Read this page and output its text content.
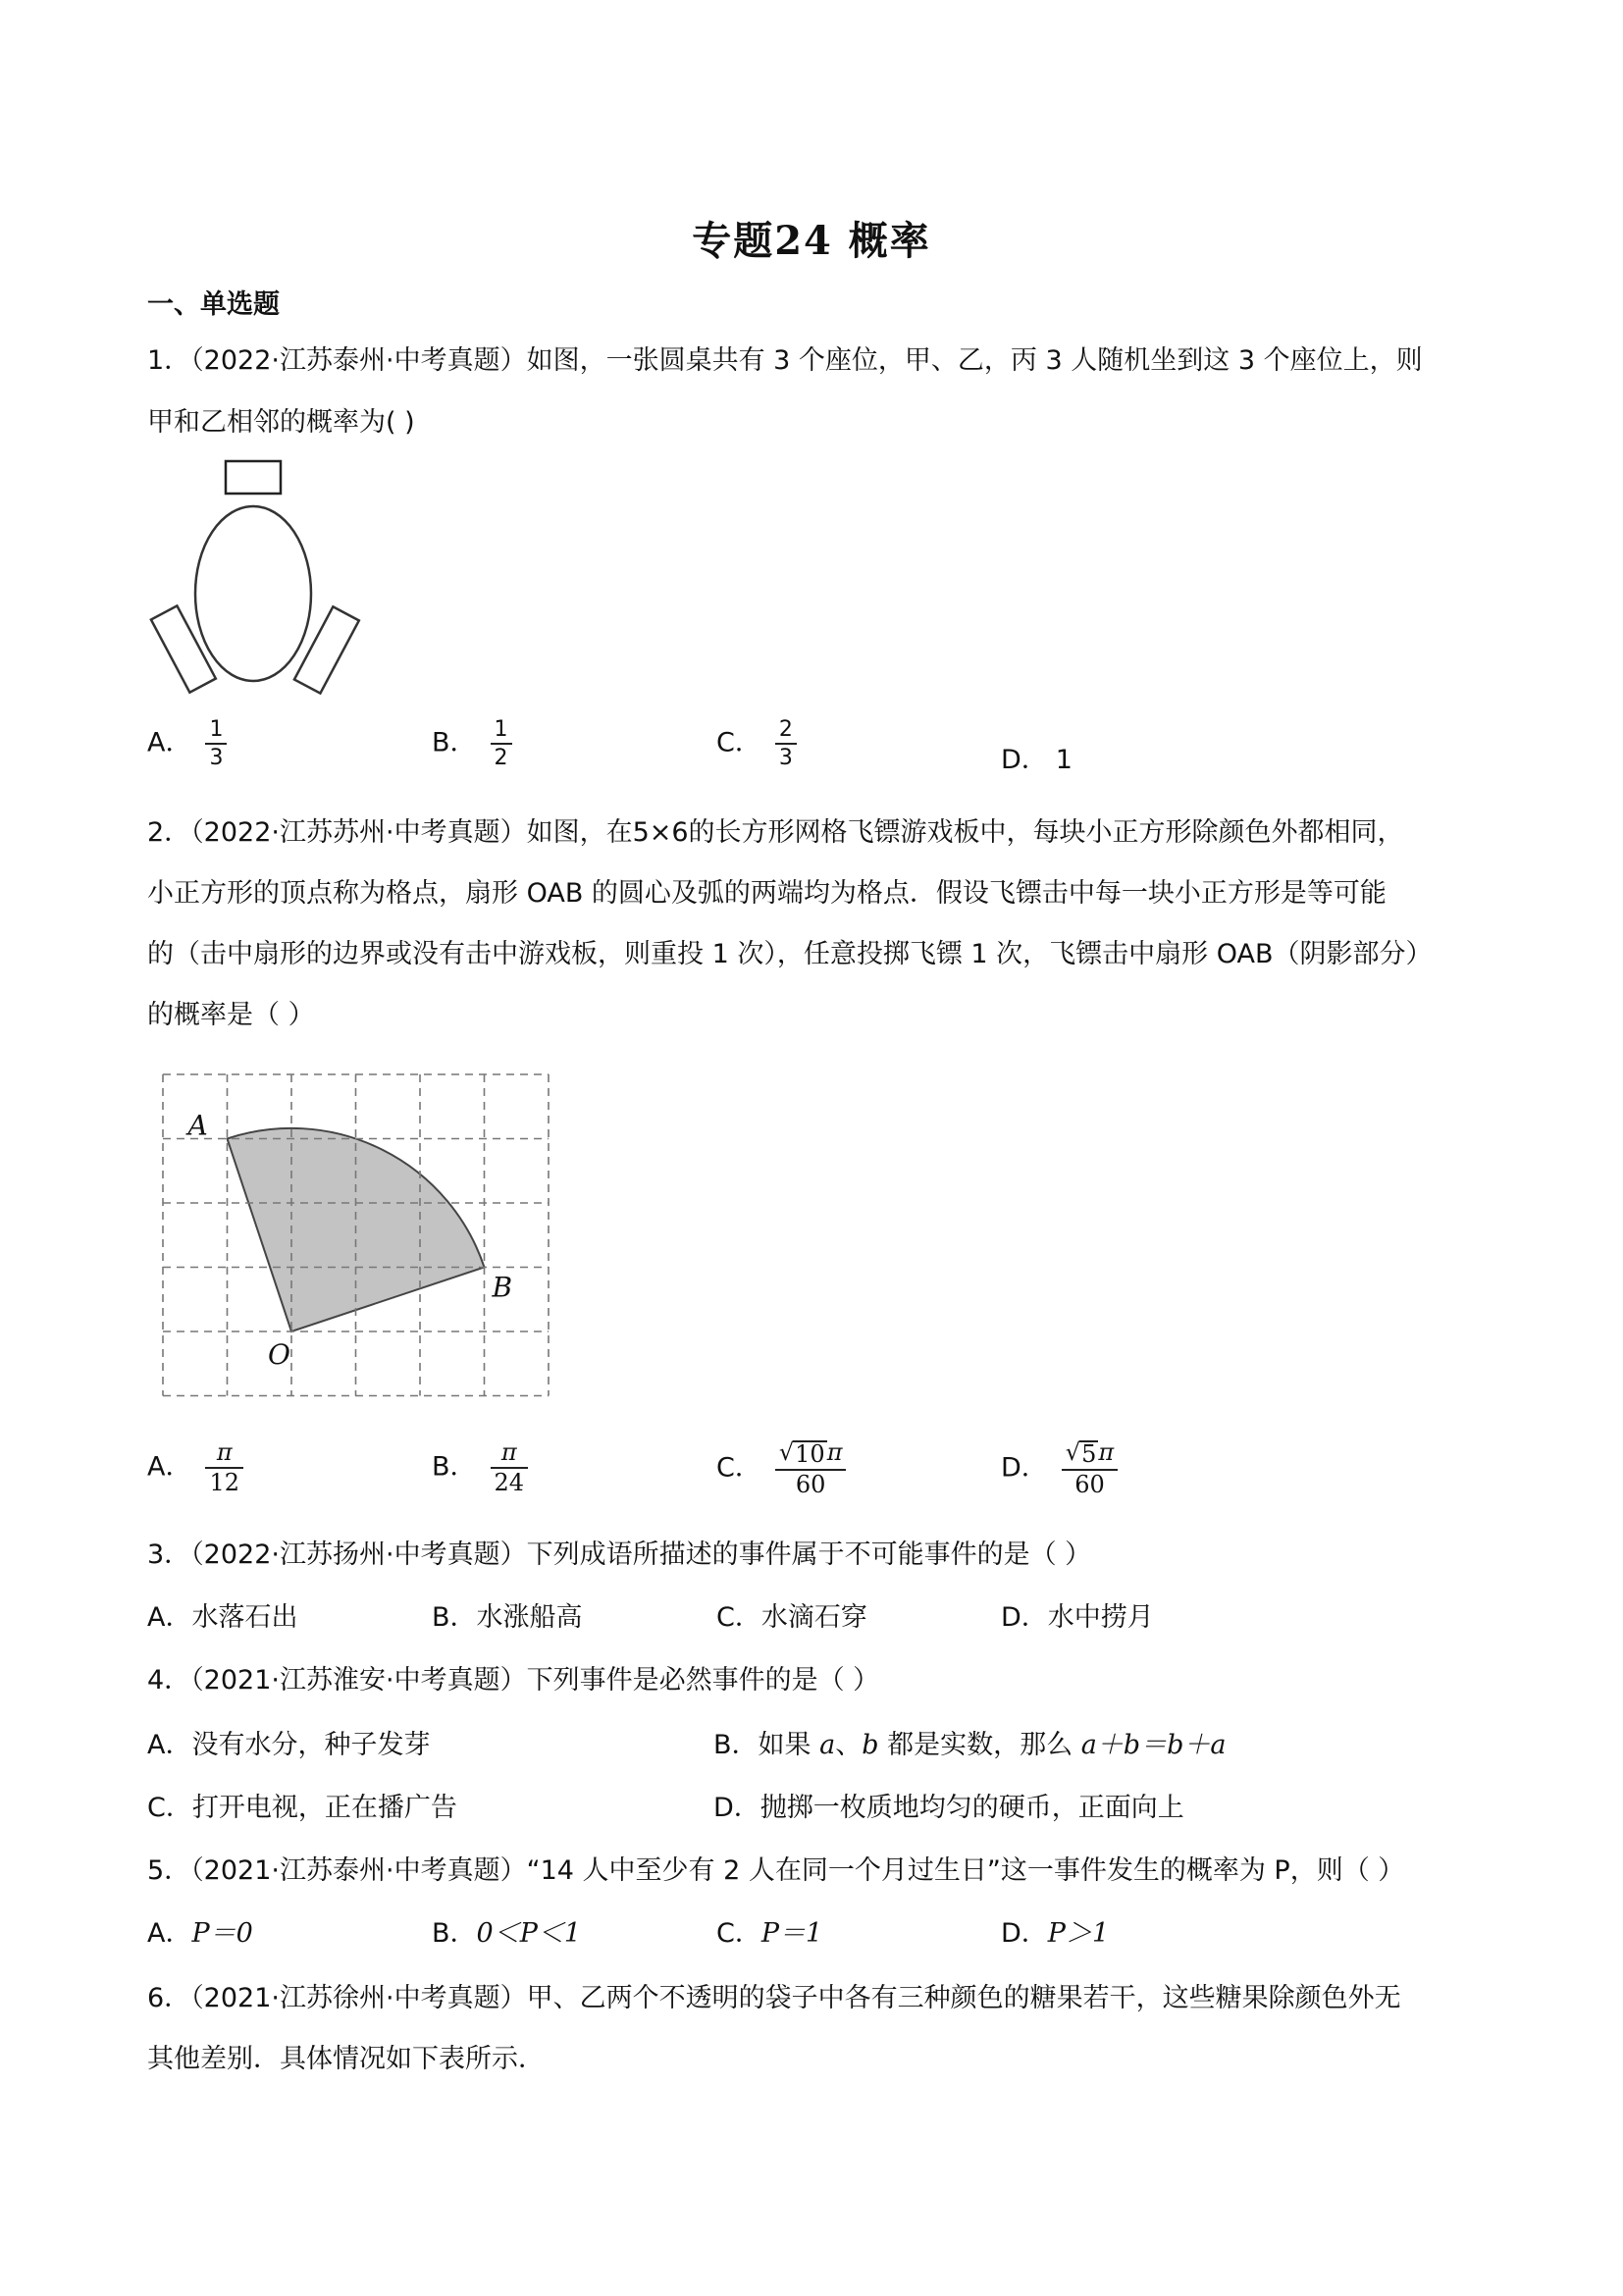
专题24 概率
一、单选题
1．（2022·江苏泰州·中考真题）如图，一张圆桌共有 3 个座位，甲、乙，丙 3 人随机坐到这 3 个座位上，则
甲和乙相邻的概率为( )
A． $\frac{1}{3}$	B． $\frac{1}{2}$	C． $\frac{2}{3}$	D． 1
2．（2022·江苏苏州·中考真题）如图，在5×6的长方形网格飞镖游戏板中，每块小正方形除颜色外都相同，
小正方形的顶点称为格点，扇形 OAB 的圆心及弧的两端均为格点．假设飞镖击中每一块小正方形是等可能
的（击中扇形的边界或没有击中游戏板，则重投 1 次），任意投掷飞镖 1 次，飞镖击中扇形 OAB（阴影部分）
的概率是（ ）
A
B
O
A． $\frac{\pi}{12}$	B． $\frac{\pi}{24}$	C． $\frac{√ 10 \pi}{60}$	D． $\frac{√ 5 \pi}{60}$
3．（2022·江苏扬州·中考真题）下列成语所描述的事件属于不可能事件的是（ ）
A．水落石出	B．水涨船高	C．水滴石穿	D．水中捞月
4．（2021·江苏淮安·中考真题）下列事件是必然事件的是（ ）
A．没有水分，种子发芽	B．如果 a、b 都是实数，那么 a＋b＝b＋a
C．打开电视，正在播广告	D．抛掷一枚质地均匀的硬币，正面向上
5．（2021·江苏泰州·中考真题）“14 人中至少有 2 人在同一个月过生日”这一事件发生的概率为 P，则（ ）
A．P＝0	B．0＜P＜1	C．P＝1	D．P＞1
6．（2021·江苏徐州·中考真题）甲、乙两个不透明的袋子中各有三种颜色的糖果若干，这些糖果除颜色外无
其他差别．具体情况如下表所示．
